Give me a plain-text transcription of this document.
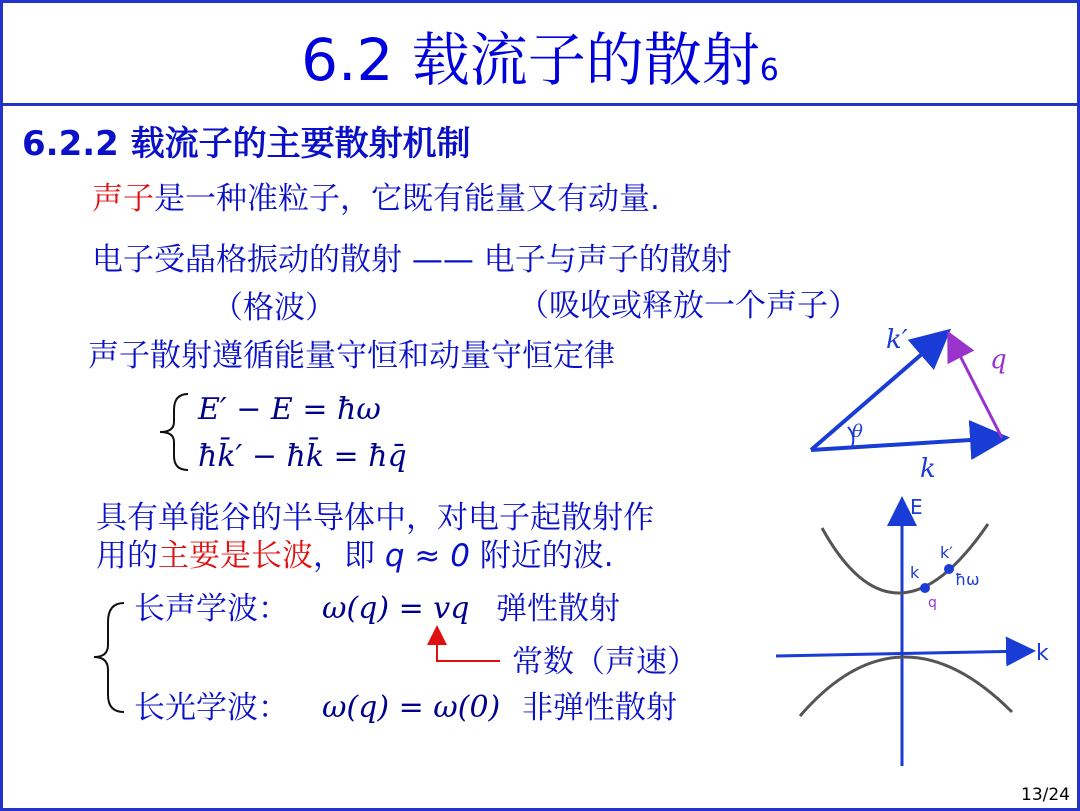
6.2 载流子的散射6
6.2.2 载流子的主要散射机制
声子是一种准粒子，它既有能量又有动量.
电子受晶格振动的散射 —— 电子与声子的散射
（格波）	（吸收或释放一个声子）
声子散射遵循能量守恒和动量守恒定律
E′ − E = ħω
ħk̄′ − ħk̄ = ħq̄
具有单能谷的半导体中，对电子起散射作
用的主要是长波，即 q ≈ 0 附近的波.
长声学波： ω(q) = vq 弹性散射
常数（声速）
长光学波： ω(q) = ω(0) 非弹性散射
13/24
θ
k′
q
k
E
k
k
k′
ħω
q
